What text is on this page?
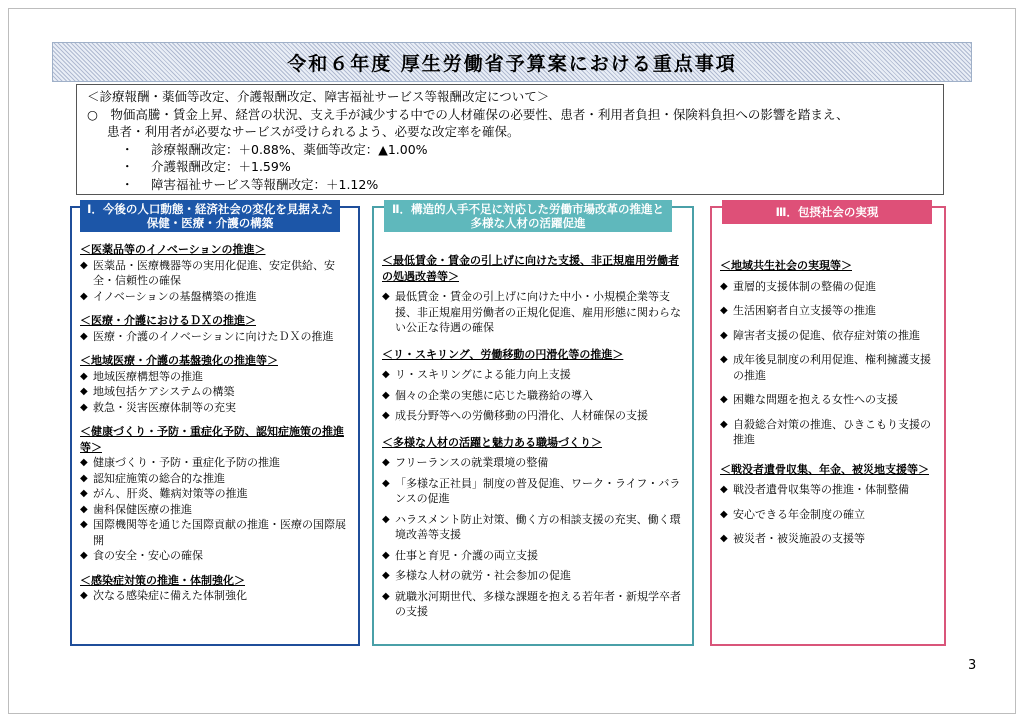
令和６年度 厚生労働省予算案における重点事項
＜診療報酬・薬価等改定、介護報酬改定、障害福祉サービス等報酬改定について＞
○　物価高騰・賃金上昇、経営の状況、支え手が減少する中での人材確保の必要性、患者・利用者負担・保険料負担への影響を踏まえ、
患者・利用者が必要なサービスが受けられるよう、必要な改定率を確保。
・	診療報酬改定：＋0.88%、薬価等改定：▲1.00%
・	介護報酬改定：＋1.59%
・	障害福祉サービス等報酬改定：＋1.12%
Ⅰ．今後の人口動態・経済社会の変化を見据えた保健・医療・介護の構築
＜医薬品等のイノベーションの推進＞
◆ 医薬品・医療機器等の実用化促進、安定供給、安全・信頼性の確保
◆ イノベーションの基盤構築の推進
＜医療・介護におけるＤＸの推進＞
◆ 医療・介護のイノベーションに向けたＤＸの推進
＜地域医療・介護の基盤強化の推進等＞
◆ 地域医療構想等の推進
◆ 地域包括ケアシステムの構築
◆ 救急・災害医療体制等の充実
＜健康づくり・予防・重症化予防、認知症施策の推進等＞
◆ 健康づくり・予防・重症化予防の推進
◆ 認知症施策の総合的な推進
◆ がん、肝炎、難病対策等の推進
◆ 歯科保健医療の推進
◆ 国際機関等を通じた国際貢献の推進・医療の国際展開
◆ 食の安全・安心の確保
＜感染症対策の推進・体制強化＞
◆ 次なる感染症に備えた体制強化
Ⅱ．構造的人手不足に対応した労働市場改革の推進と多様な人材の活躍促進
＜最低賃金・賃金の引上げに向けた支援、非正規雇用労働者の処遇改善等＞
◆ 最低賃金・賃金の引上げに向けた中小・小規模企業等支援、非正規雇用労働者の正規化促進、雇用形態に関わらない公正な待遇の確保
＜リ・スキリング、労働移動の円滑化等の推進＞
◆ リ・スキリングによる能力向上支援
◆ 個々の企業の実態に応じた職務給の導入
◆ 成長分野等への労働移動の円滑化、人材確保の支援
＜多様な人材の活躍と魅力ある職場づくり＞
◆ フリーランスの就業環境の整備
◆ 「多様な正社員」制度の普及促進、ワーク・ライフ・バランスの促進
◆ ハラスメント防止対策、働く方の相談支援の充実、働く環境改善等支援
◆ 仕事と育児・介護の両立支援
◆ 多様な人材の就労・社会参加の促進
◆ 就職氷河期世代、多様な課題を抱える若年者・新規学卒者の支援
Ⅲ．包摂社会の実現
＜地域共生社会の実現等＞
◆ 重層的支援体制の整備の促進
◆ 生活困窮者自立支援等の推進
◆ 障害者支援の促進、依存症対策の推進
◆ 成年後見制度の利用促進、権利擁護支援の推進
◆ 困難な問題を抱える女性への支援
◆ 自殺総合対策の推進、ひきこもり支援の推進
＜戦没者遺骨収集、年金、被災地支援等＞
◆ 戦没者遺骨収集等の推進・体制整備
◆ 安心できる年金制度の確立
◆ 被災者・被災施設の支援等
3
